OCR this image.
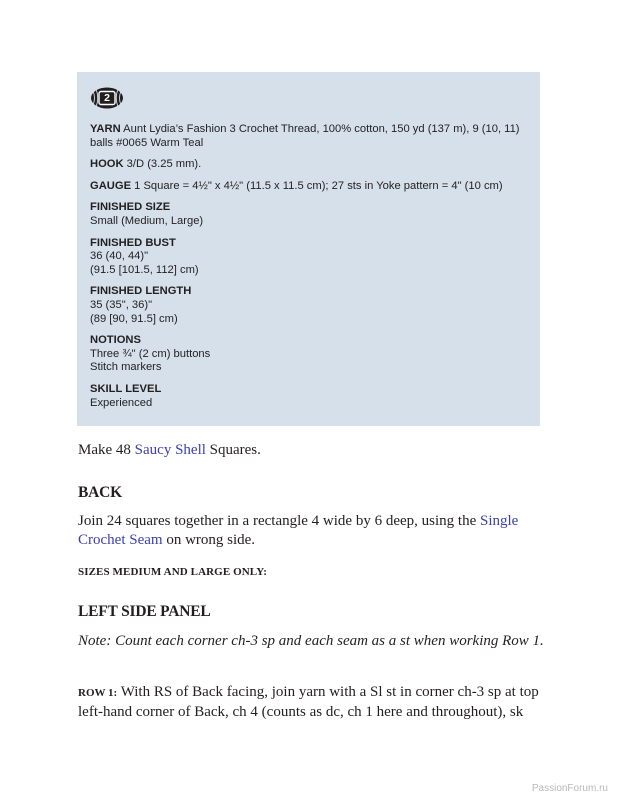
2
YARN Aunt Lydia’s Fashion 3 Crochet Thread, 100% cotton, 150 yd (137 m), 9 (10, 11) balls #0065 Warm Teal
HOOK 3/D (3.25 mm).
GAUGE 1 Square = 4½" x 4½" (11.5 x 11.5 cm); 27 sts in Yoke pattern = 4" (10 cm)
FINISHED SIZE
Small (Medium, Large)
FINISHED BUST
36 (40, 44)"
(91.5 [101.5, 112] cm)
FINISHED LENGTH
35 (35", 36)"
(89 [90, 91.5] cm)
NOTIONS
Three ¾" (2 cm) buttons
Stitch markers
SKILL LEVEL
Experienced
Make 48 Saucy Shell Squares.
BACK
Join 24 squares together in a rectangle 4 wide by 6 deep, using the Single Crochet Seam on wrong side.
SIZES MEDIUM AND LARGE ONLY:
LEFT SIDE PANEL
Note: Count each corner ch-3 sp and each seam as a st when working Row 1.
ROW 1: With RS of Back facing, join yarn with a Sl st in corner ch-3 sp at top left-hand corner of Back, ch 4 (counts as dc, ch 1 here and throughout), sk
PassionForum.ru
